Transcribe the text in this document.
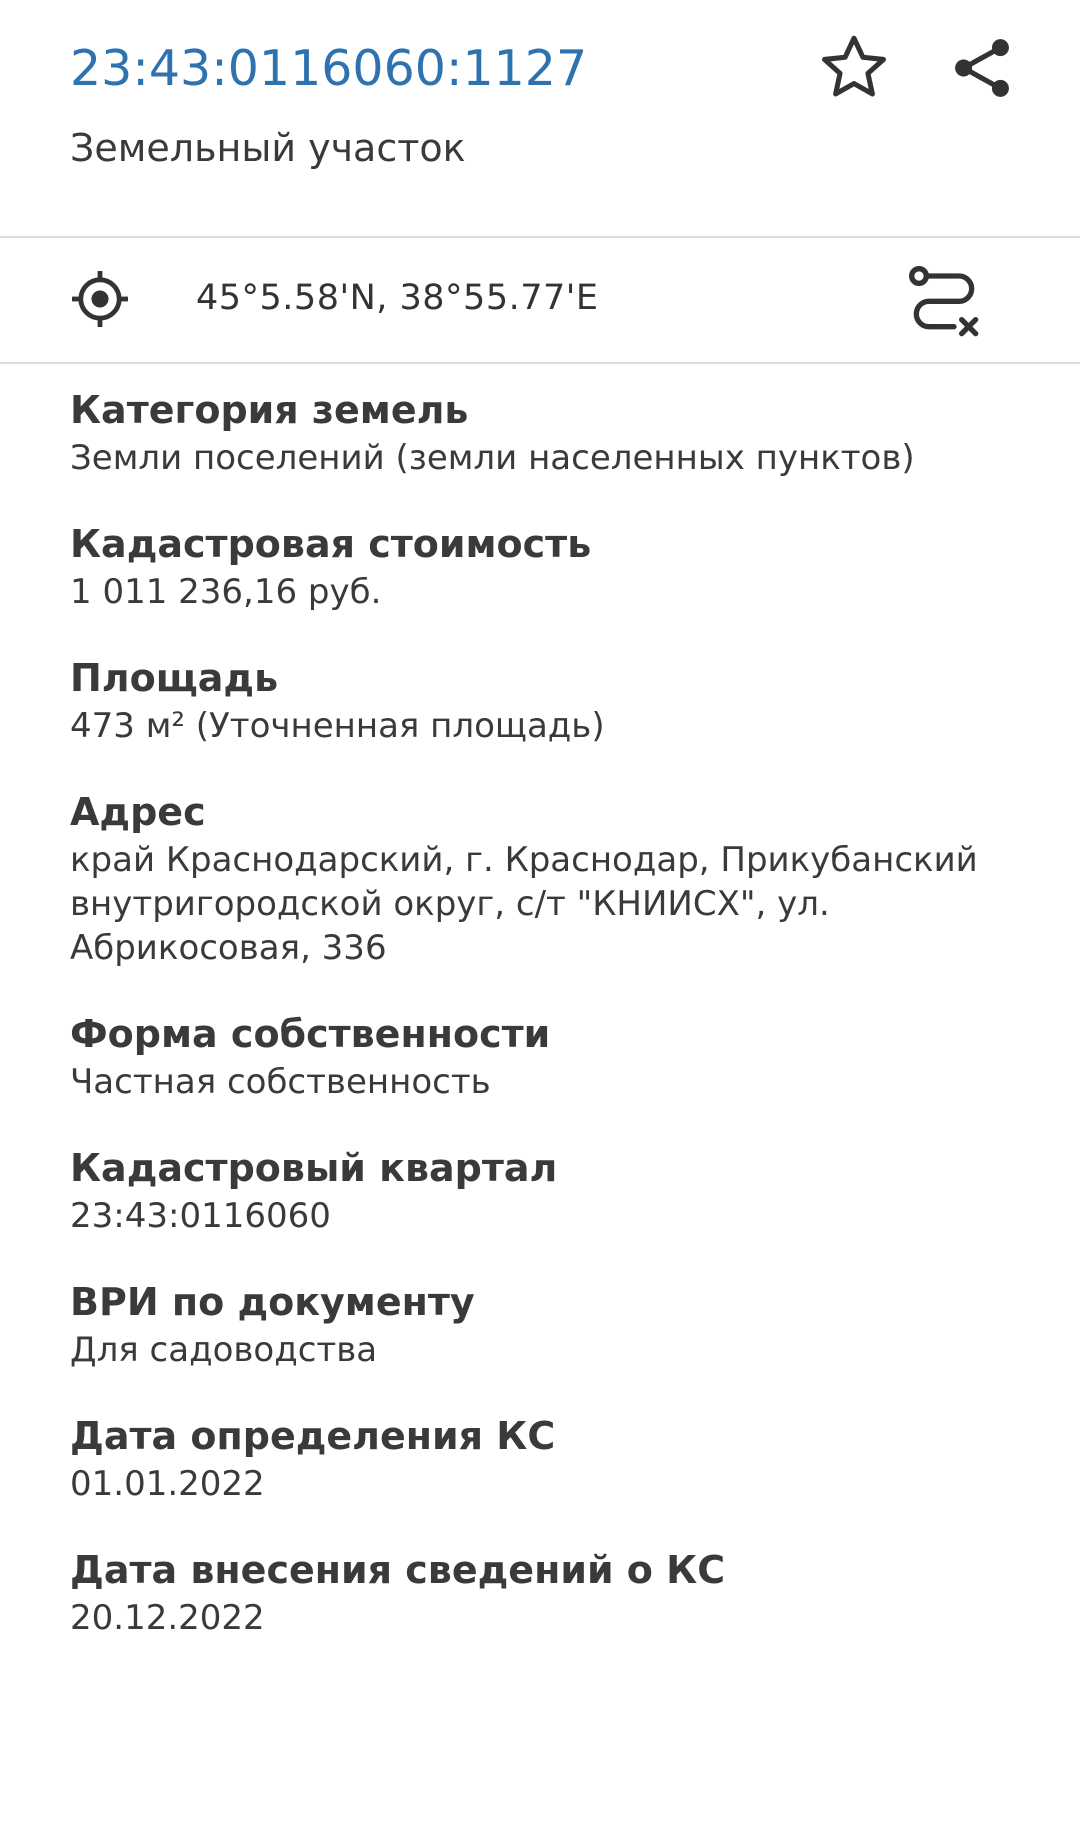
23:43:0116060:1127
Земельный участок
45°5.58'N, 38°55.77'E
Категория земель
Земли поселений (земли населенных пунктов)
Кадастровая стоимость
1 011 236,16 руб.
Площадь
473 м² (Уточненная площадь)
Адрес
край Краснодарский, г. Краснодар, Прикубанский внутригородской округ, с/т "КНИИСХ", ул. Абрикосовая, 336
Форма собственности
Частная собственность
Кадастровый квартал
23:43:0116060
ВРИ по документу
Для садоводства
Дата определения КС
01.01.2022
Дата внесения сведений о КС
20.12.2022
